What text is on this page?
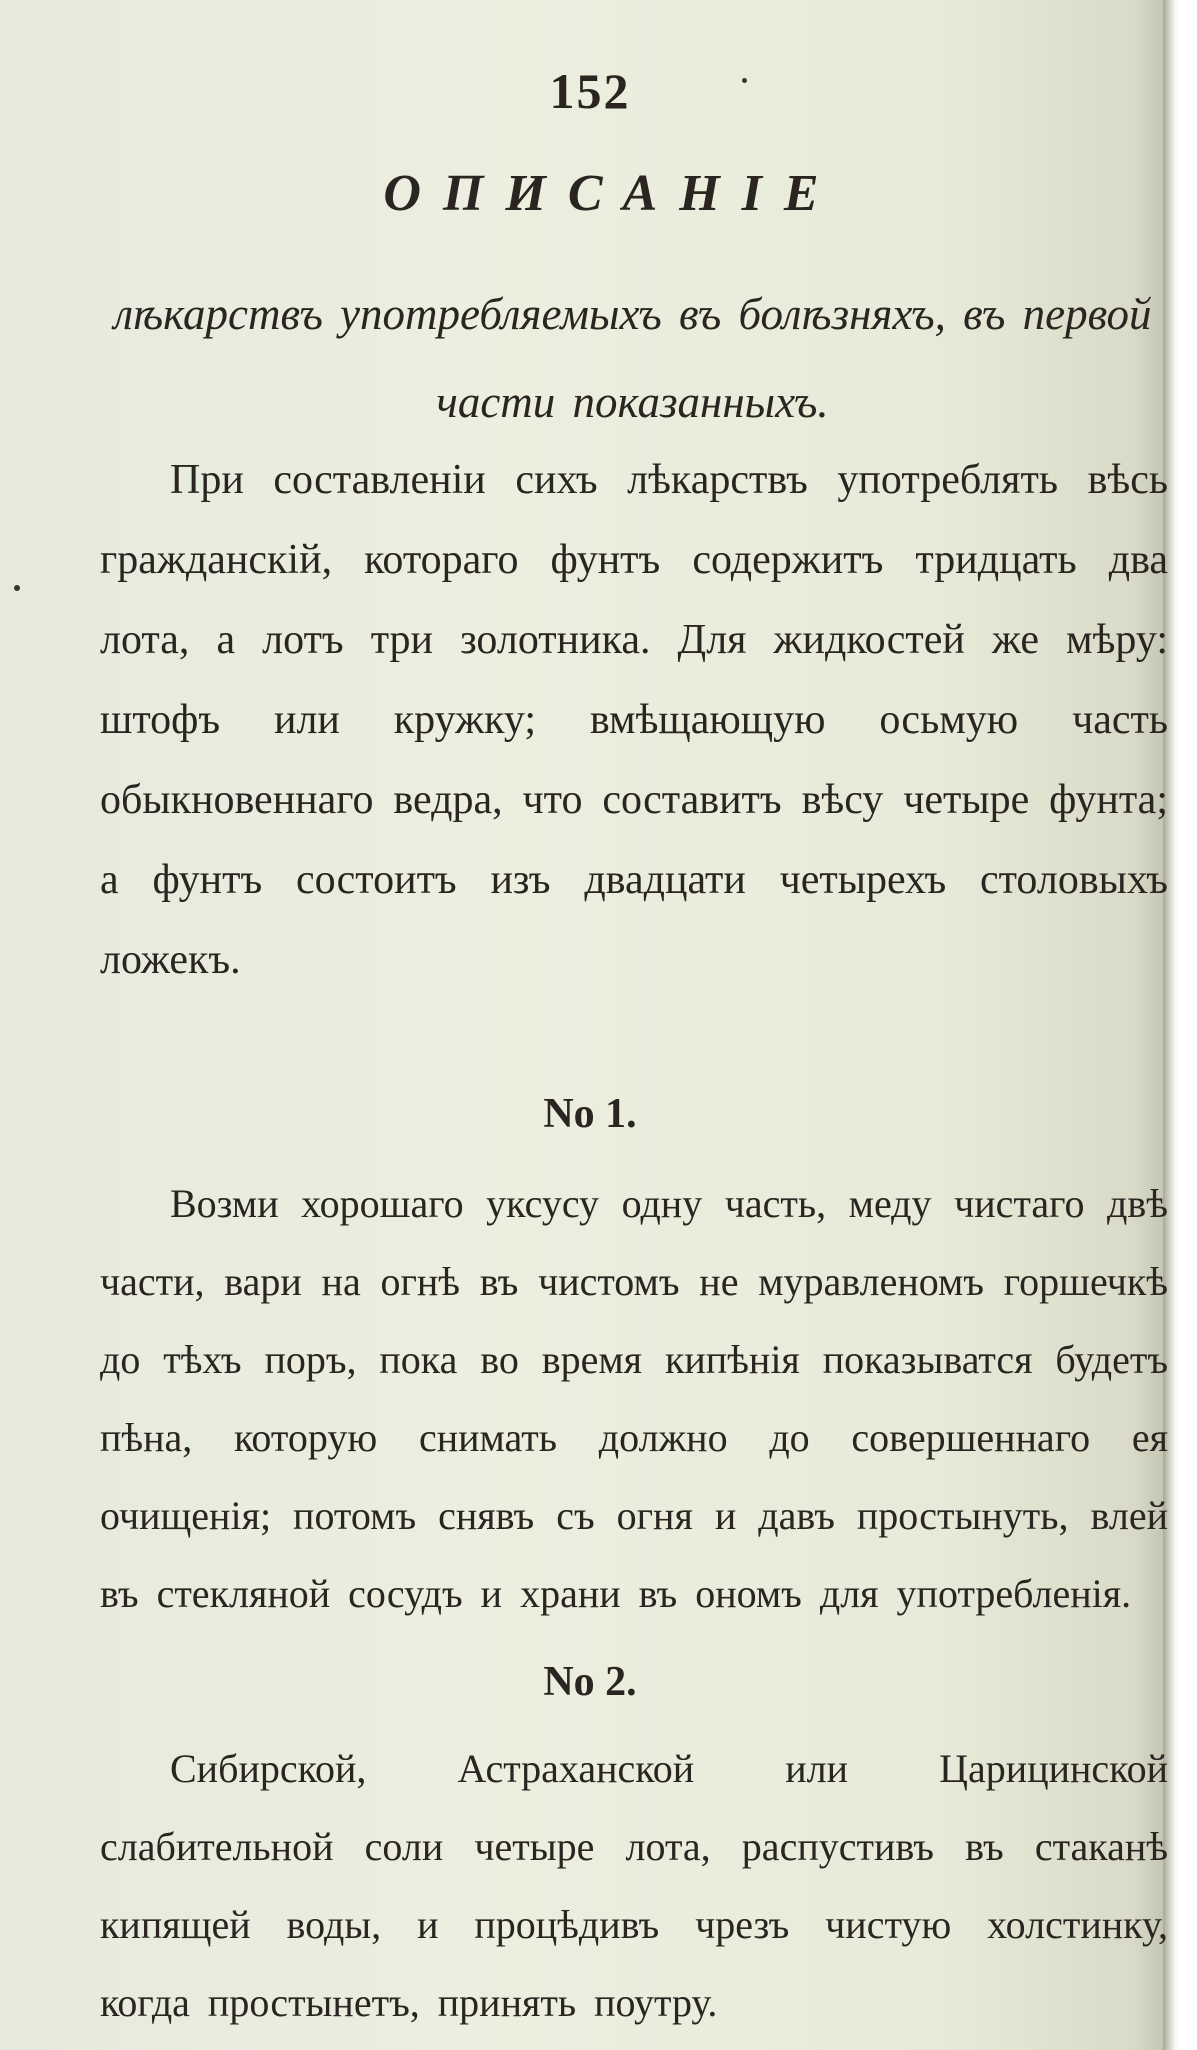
152
ОПИСАНІЕ
лѣкарствъ употребляемыхъ въ болѣзняхъ, въ первой части показанныхъ.

При составленіи сихъ лѣкарствъ употреблять вѣсь гражданскій, котораго фунтъ содержитъ тридцать два лота, а лотъ три золотника. Для жидкостей же мѣру: штофъ или кружку; вмѣщающую осьмую часть обыкновеннаго ведра, что составитъ вѣсу четыре фунта; а фунтъ состоитъ изъ двадцати четырехъ столовыхъ ложекъ.

No 1.

Возми хорошаго уксусу одну часть, меду чистаго двѣ части, вари на огнѣ въ чистомъ не муравленомъ горшечкѣ до тѣхъ поръ, пока во время кипѣнія показыватся будетъ пѣна, которую снимать должно до совершеннаго ея очищенія; потомъ снявъ съ огня и давъ простынуть, влей въ стекляной сосудъ и храни въ ономъ для употребленія.

No 2.

Сибирской, Астраханской или Царицинской слабительной соли четыре лота, распустивъ въ стаканѣ кипящей воды, и процѣдивъ чрезъ чистую холстинку, когда простынетъ, принять поутру.
